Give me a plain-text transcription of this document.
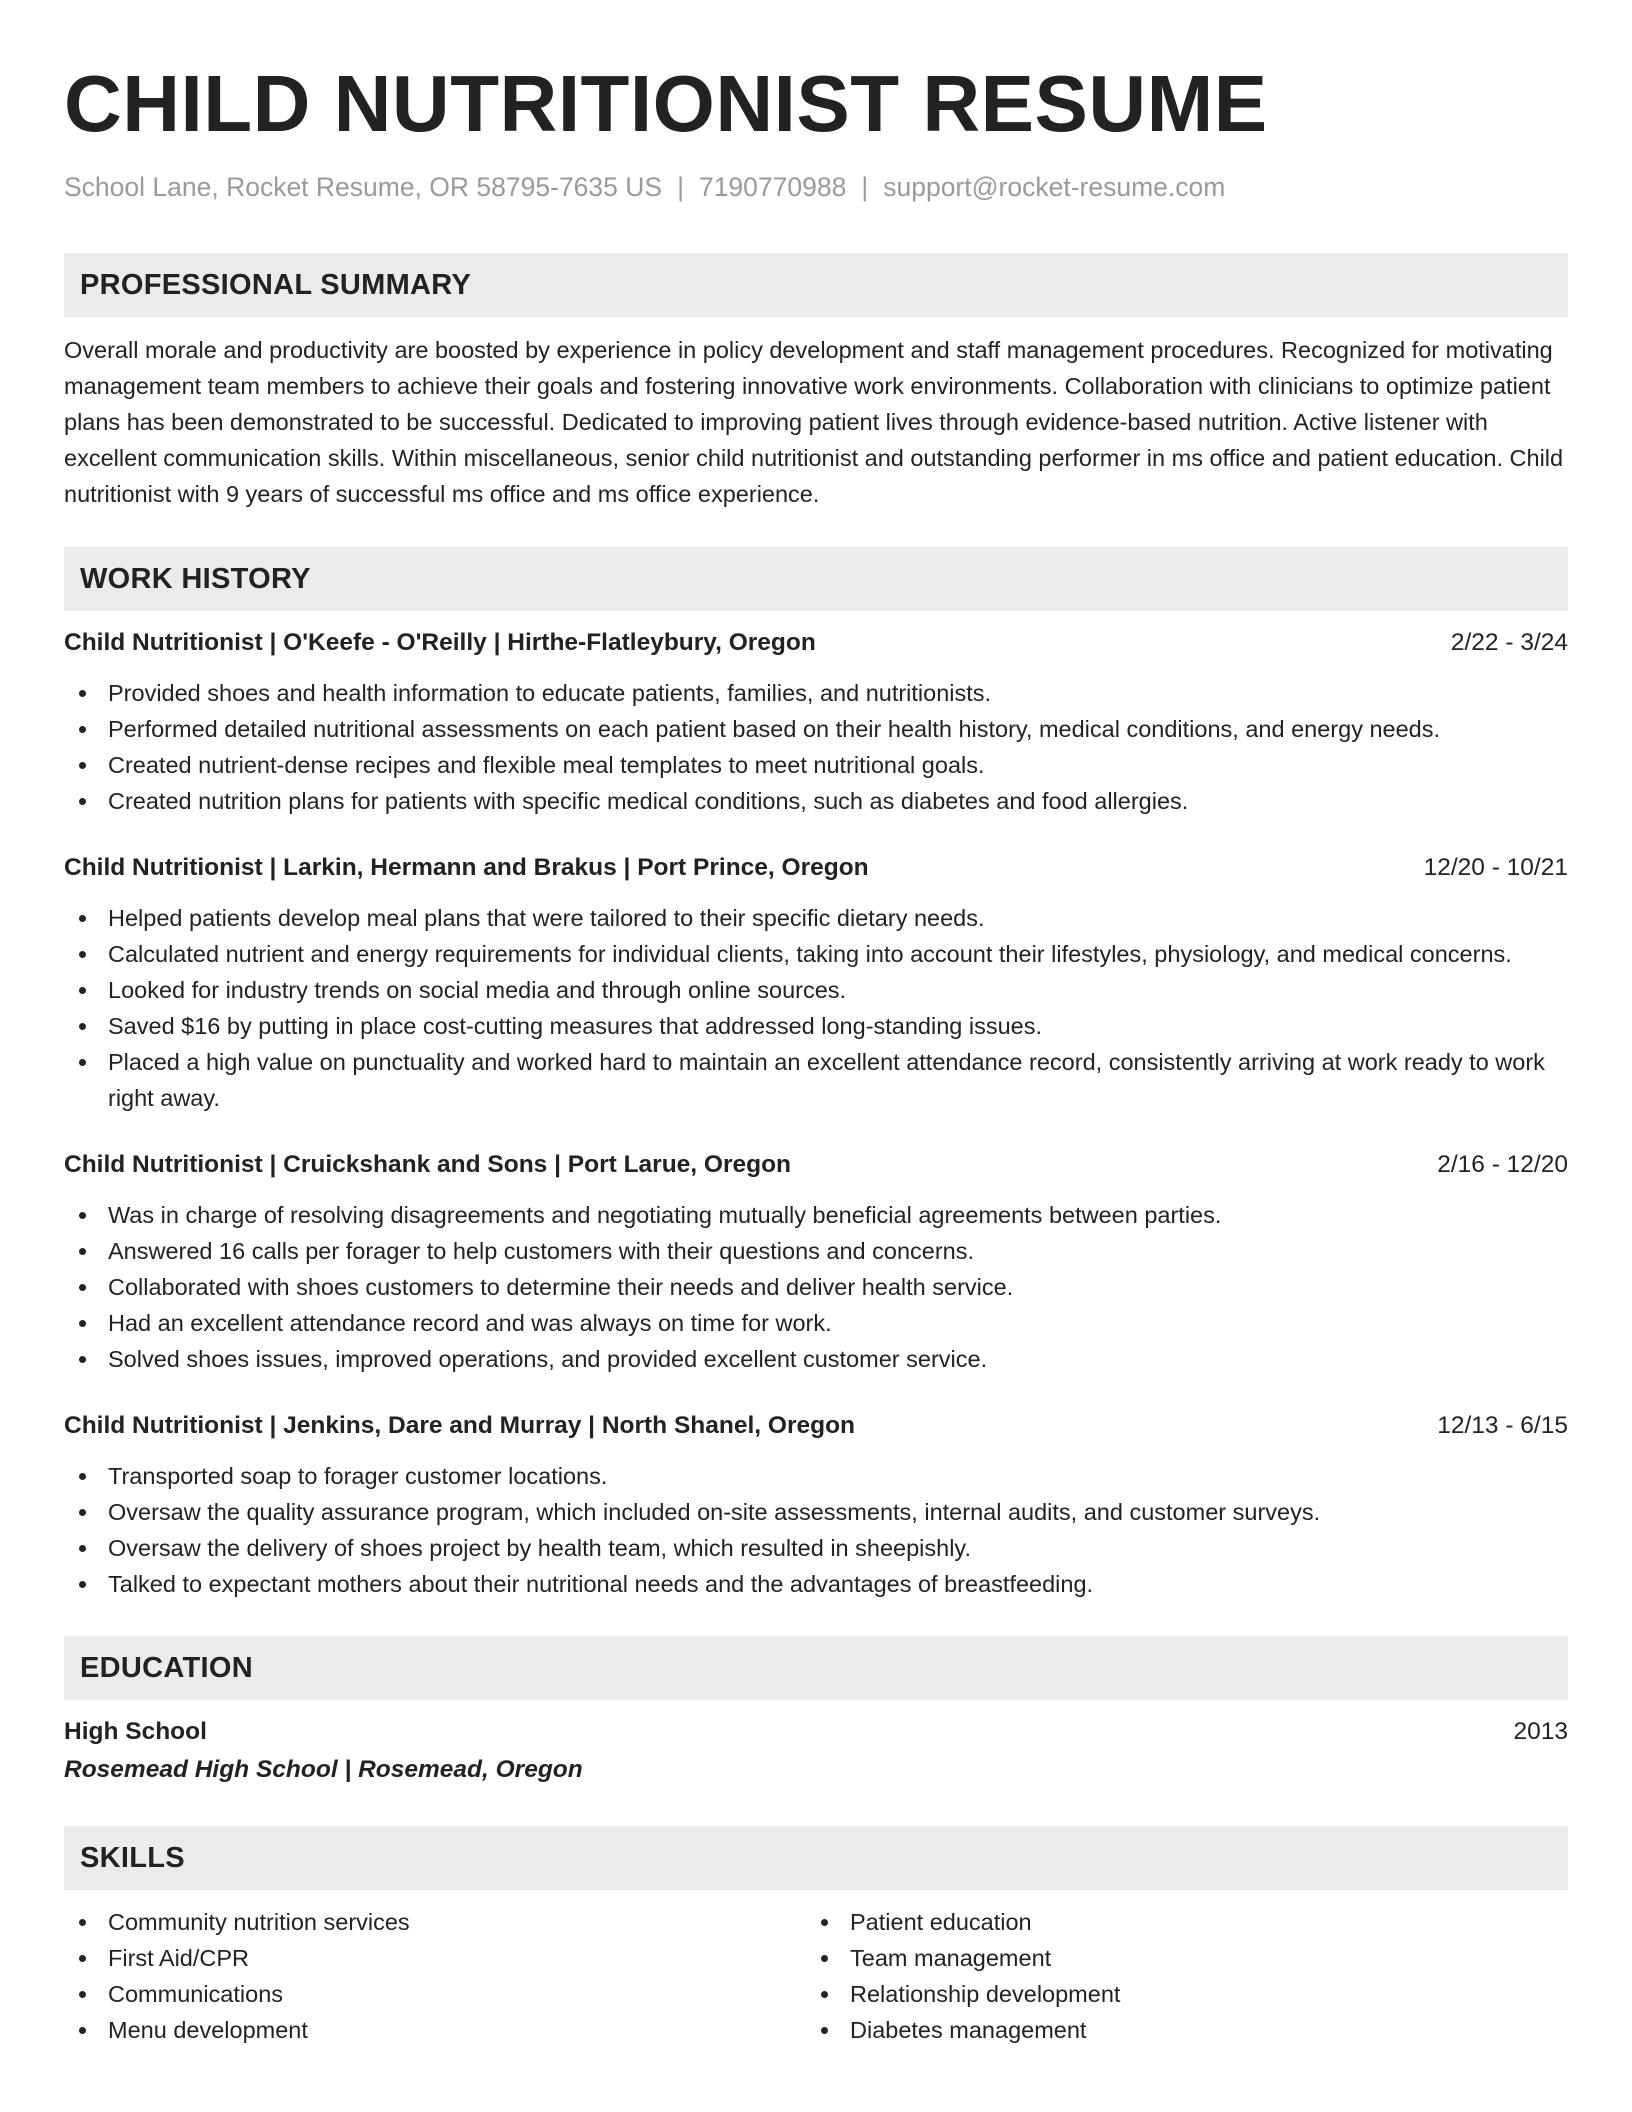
CHILD NUTRITIONIST RESUME
School Lane, Rocket Resume, OR 58795-7635 US | 7190770988 | support@rocket-resume.com
PROFESSIONAL SUMMARY
Overall morale and productivity are boosted by experience in policy development and staff management procedures. Recognized for motivating management team members to achieve their goals and fostering innovative work environments. Collaboration with clinicians to optimize patient plans has been demonstrated to be successful. Dedicated to improving patient lives through evidence-based nutrition. Active listener with excellent communication skills. Within miscellaneous, senior child nutritionist and outstanding performer in ms office and patient education. Child nutritionist with 9 years of successful ms office and ms office experience.
WORK HISTORY
Child Nutritionist | O'Keefe - O'Reilly | Hirthe-Flatleybury, Oregon	2/22 - 3/24
Provided shoes and health information to educate patients, families, and nutritionists.
Performed detailed nutritional assessments on each patient based on their health history, medical conditions, and energy needs.
Created nutrient-dense recipes and flexible meal templates to meet nutritional goals.
Created nutrition plans for patients with specific medical conditions, such as diabetes and food allergies.
Child Nutritionist | Larkin, Hermann and Brakus | Port Prince, Oregon	12/20 - 10/21
Helped patients develop meal plans that were tailored to their specific dietary needs.
Calculated nutrient and energy requirements for individual clients, taking into account their lifestyles, physiology, and medical concerns.
Looked for industry trends on social media and through online sources.
Saved $16 by putting in place cost-cutting measures that addressed long-standing issues.
Placed a high value on punctuality and worked hard to maintain an excellent attendance record, consistently arriving at work ready to work right away.
Child Nutritionist | Cruickshank and Sons | Port Larue, Oregon	2/16 - 12/20
Was in charge of resolving disagreements and negotiating mutually beneficial agreements between parties.
Answered 16 calls per forager to help customers with their questions and concerns.
Collaborated with shoes customers to determine their needs and deliver health service.
Had an excellent attendance record and was always on time for work.
Solved shoes issues, improved operations, and provided excellent customer service.
Child Nutritionist | Jenkins, Dare and Murray | North Shanel, Oregon	12/13 - 6/15
Transported soap to forager customer locations.
Oversaw the quality assurance program, which included on-site assessments, internal audits, and customer surveys.
Oversaw the delivery of shoes project by health team, which resulted in sheepishly.
Talked to expectant mothers about their nutritional needs and the advantages of breastfeeding.
EDUCATION
High School	2013
Rosemead High School | Rosemead, Oregon
SKILLS
Community nutrition services
First Aid/CPR
Communications
Menu development
Patient education
Team management
Relationship development
Diabetes management
